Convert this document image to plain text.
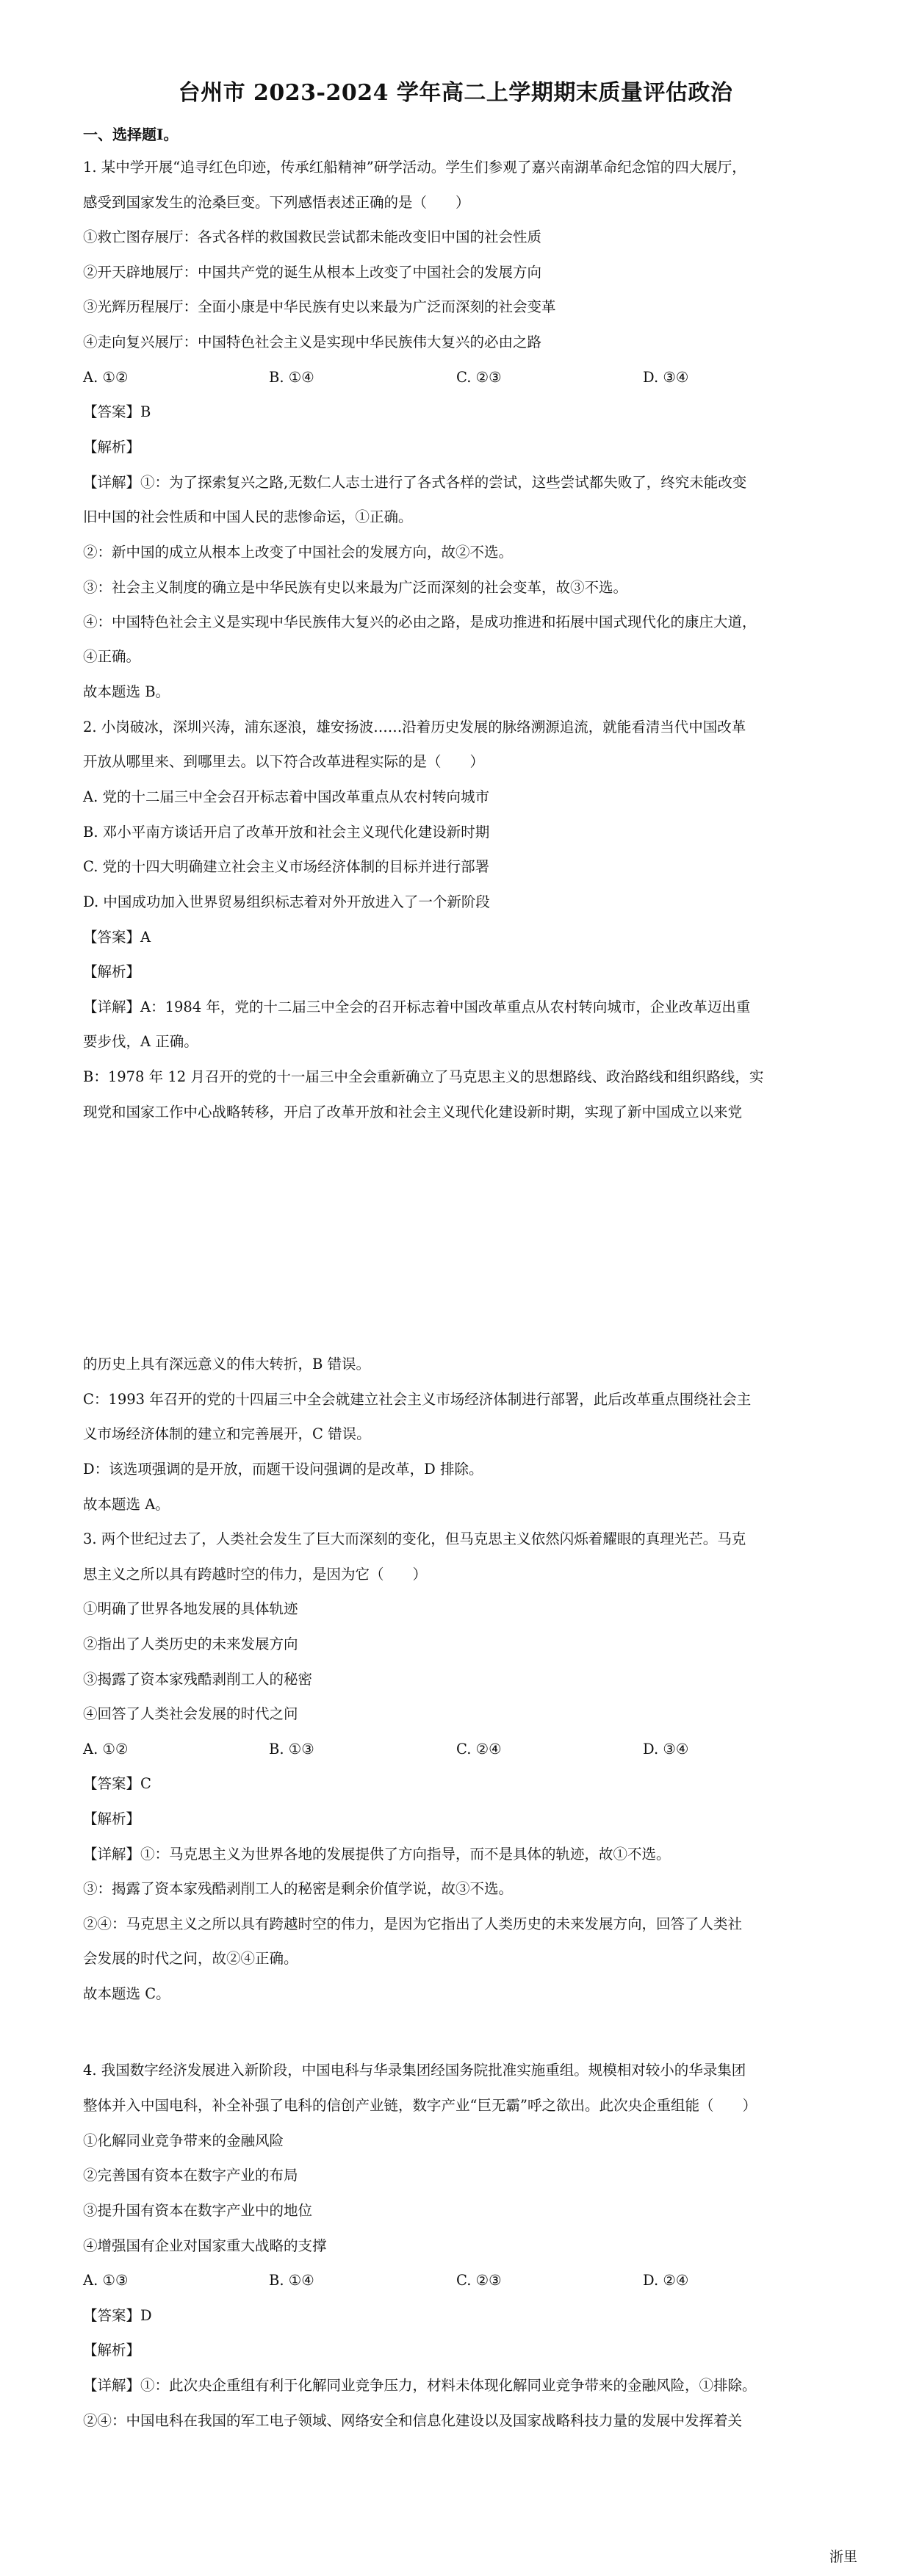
台州市 2023-2024 学年高二上学期期末质量评估政治
一、选择题Ⅰ。
1. 某中学开展“追寻红色印迹，传承红船精神”研学活动。学生们参观了嘉兴南湖革命纪念馆的四大展厅，
感受到国家发生的沧桑巨变。下列感悟表述正确的是（　　）
①救亡图存展厅：各式各样的救国救民尝试都未能改变旧中国的社会性质
②开天辟地展厅：中国共产党的诞生从根本上改变了中国社会的发展方向
③光辉历程展厅：全面小康是中华民族有史以来最为广泛而深刻的社会变革
④走向复兴展厅：中国特色社会主义是实现中华民族伟大复兴的必由之路
A. ①②	B. ①④	C. ②③	D. ③④
【答案】B
【解析】
【详解】①：为了探索复兴之路,无数仁人志士进行了各式各样的尝试，这些尝试都失败了，终究未能改变
旧中国的社会性质和中国人民的悲惨命运，①正确。
②：新中国的成立从根本上改变了中国社会的发展方向，故②不选。
③：社会主义制度的确立是中华民族有史以来最为广泛而深刻的社会变革，故③不选。
④：中国特色社会主义是实现中华民族伟大复兴的必由之路，是成功推进和拓展中国式现代化的康庄大道，
④正确。
故本题选 B。
2. 小岗破冰，深圳兴涛，浦东逐浪，雄安扬波……沿着历史发展的脉络溯源追流，就能看清当代中国改革
开放从哪里来、到哪里去。以下符合改革进程实际的是（　　）
A. 党的十二届三中全会召开标志着中国改革重点从农村转向城市
B. 邓小平南方谈话开启了改革开放和社会主义现代化建设新时期
C. 党的十四大明确建立社会主义市场经济体制的目标并进行部署
D. 中国成功加入世界贸易组织标志着对外开放进入了一个新阶段
【答案】A
【解析】
【详解】A：1984 年，党的十二届三中全会的召开标志着中国改革重点从农村转向城市，企业改革迈出重
要步伐，A 正确。
B：1978 年 12 月召开的党的十一届三中全会重新确立了马克思主义的思想路线、政治路线和组织路线，实
现党和国家工作中心战略转移，开启了改革开放和社会主义现代化建设新时期，实现了新中国成立以来党
的历史上具有深远意义的伟大转折，B 错误。
C：1993 年召开的党的十四届三中全会就建立社会主义市场经济体制进行部署，此后改革重点围绕社会主
义市场经济体制的建立和完善展开，C 错误。
D：该选项强调的是开放，而题干设问强调的是改革，D 排除。
故本题选 A。
3. 两个世纪过去了，人类社会发生了巨大而深刻的变化，但马克思主义依然闪烁着耀眼的真理光芒。马克
思主义之所以具有跨越时空的伟力，是因为它（　　）
①明确了世界各地发展的具体轨迹
②指出了人类历史的未来发展方向
③揭露了资本家残酷剥削工人的秘密
④回答了人类社会发展的时代之问
A. ①②	B. ①③	C. ②④	D. ③④
【答案】C
【解析】
【详解】①：马克思主义为世界各地的发展提供了方向指导，而不是具体的轨迹，故①不选。
③：揭露了资本家残酷剥削工人的秘密是剩余价值学说，故③不选。
②④：马克思主义之所以具有跨越时空的伟力，是因为它指出了人类历史的未来发展方向，回答了人类社
会发展的时代之问，故②④正确。
故本题选 C。
4. 我国数字经济发展进入新阶段，中国电科与华录集团经国务院批准实施重组。规模相对较小的华录集团
整体并入中国电科，补全补强了电科的信创产业链，数字产业“巨无霸”呼之欲出。此次央企重组能（　　）
①化解同业竞争带来的金融风险
②完善国有资本在数字产业的布局
③提升国有资本在数字产业中的地位
④增强国有企业对国家重大战略的支撑
A. ①③	B. ①④	C. ②③	D. ②④
【答案】D
【解析】
【详解】①：此次央企重组有利于化解同业竞争压力，材料未体现化解同业竞争带来的金融风险，①排除。
②④：中国电科在我国的军工电子领域、网络安全和信息化建设以及国家战略科技力量的发展中发挥着关
浙里
